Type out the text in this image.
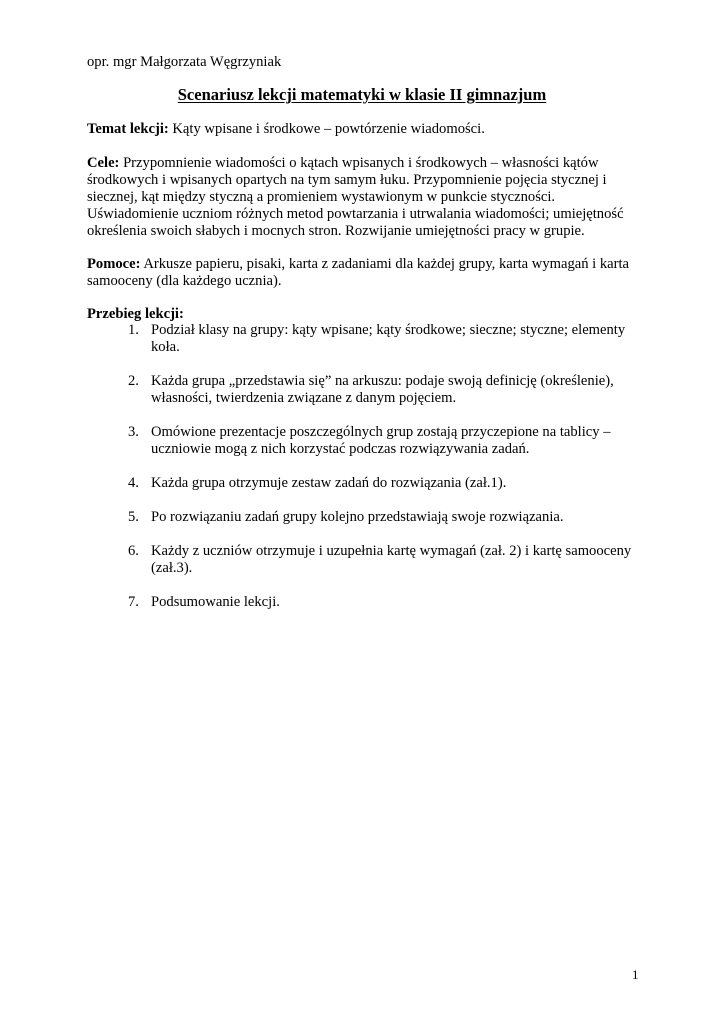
opr. mgr Małgorzata Węgrzyniak
Scenariusz lekcji matematyki w klasie II gimnazjum
Temat lekcji: Kąty wpisane i środkowe – powtórzenie wiadomości.
Cele: Przypomnienie wiadomości o kątach wpisanych i środkowych – własności kątów
środkowych i wpisanych opartych na tym samym łuku. Przypomnienie pojęcia stycznej i
siecznej, kąt między styczną a promieniem wystawionym w punkcie styczności.
Uświadomienie uczniom różnych metod powtarzania i utrwalania wiadomości; umiejętność
określenia swoich słabych i mocnych stron. Rozwijanie umiejętności pracy w grupie.
Pomoce: Arkusze papieru, pisaki, karta z zadaniami dla każdej grupy, karta wymagań i karta
samooceny (dla każdego ucznia).
Przebieg lekcji:
1. Podział klasy na grupy: kąty wpisane; kąty środkowe; sieczne; styczne; elementy
koła.
2. Każda grupa „przedstawia się” na arkuszu: podaje swoją definicję (określenie),
własności, twierdzenia związane z danym pojęciem.
3. Omówione prezentacje poszczególnych grup zostają przyczepione na tablicy –
uczniowie mogą z nich korzystać podczas rozwiązywania zadań.
4. Każda grupa otrzymuje zestaw zadań do rozwiązania (zał.1).
5. Po rozwiązaniu zadań grupy kolejno przedstawiają swoje rozwiązania.
6. Każdy z uczniów otrzymuje i uzupełnia kartę wymagań (zał. 2) i kartę samooceny
(zał.3).
7. Podsumowanie lekcji.
1
